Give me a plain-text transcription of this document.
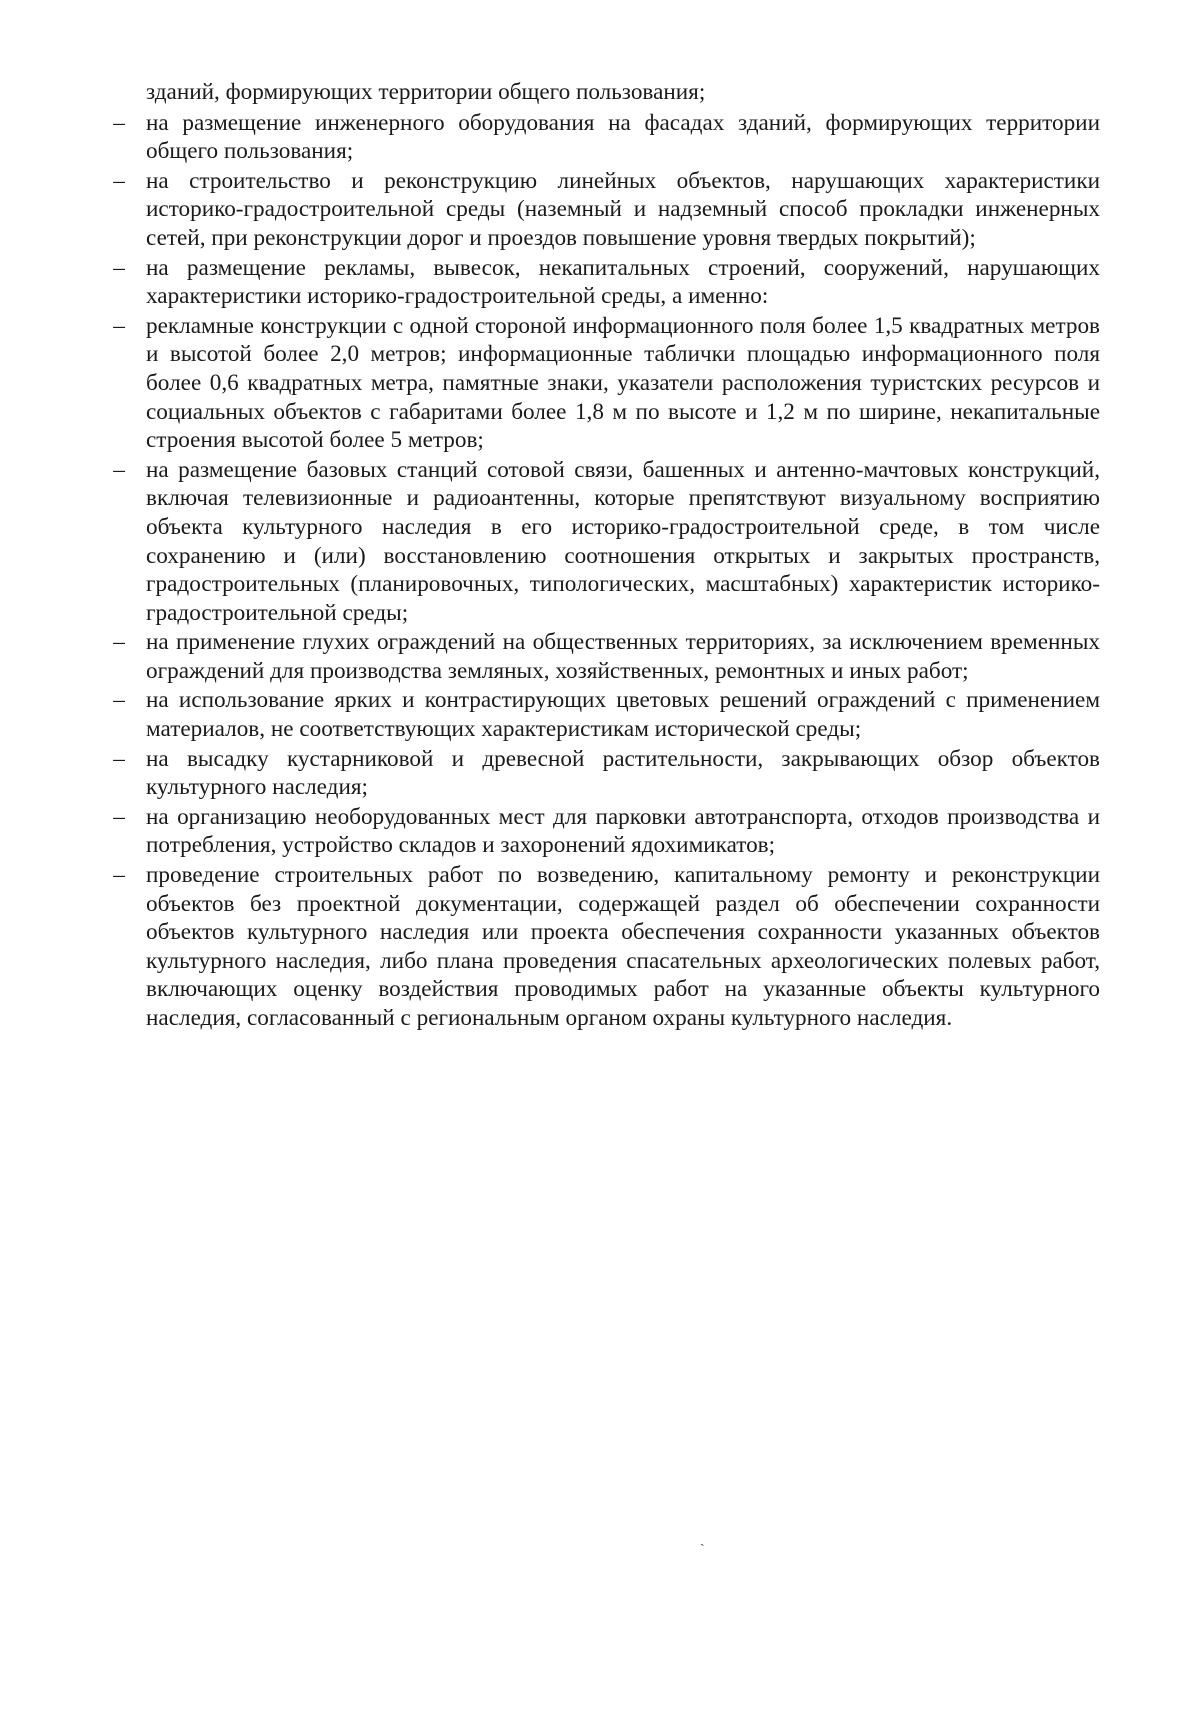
зданий, формирующих территории общего пользования;

– на размещение инженерного оборудования на фасадах зданий, формирующих территории общего пользования;
– на строительство и реконструкцию линейных объектов, нарушающих характеристики историко-градостроительной среды (наземный и надземный способ прокладки инженерных сетей, при реконструкции дорог и проездов повышение уровня твердых покрытий);
– на размещение рекламы, вывесок, некапитальных строений, сооружений, нарушающих характеристики историко-градостроительной среды, а именно:
– рекламные конструкции с одной стороной информационного поля более 1,5 квадратных метров и высотой более 2,0 метров; информационные таблички площадью информационного поля более 0,6 квадратных метра, памятные знаки, указатели расположения туристских ресурсов и социальных объектов с габаритами более 1,8 м по высоте и 1,2 м по ширине, некапитальные строения высотой более 5 метров;
– на размещение базовых станций сотовой связи, башенных и антенно-мачтовых конструкций, включая телевизионные и радиоантенны, которые препятствуют визуальному восприятию объекта культурного наследия в его историко-градостроительной среде, в том числе сохранению и (или) восстановлению соотношения открытых и закрытых пространств, градостроительных (планировочных, типологических, масштабных) характеристик историко-градостроительной среды;
– на применение глухих ограждений на общественных территориях, за исключением временных ограждений для производства земляных, хозяйственных, ремонтных и иных работ;
– на использование ярких и контрастирующих цветовых решений ограждений с применением материалов, не соответствующих характеристикам исторической среды;
– на высадку кустарниковой и древесной растительности, закрывающих обзор объектов культурного наследия;
– на организацию необорудованных мест для парковки автотранспорта, отходов производства и потребления, устройство складов и захоронений ядохимикатов;
– проведение строительных работ по возведению, капитальному ремонту и реконструкции объектов без проектной документации, содержащей раздел об обеспечении сохранности объектов культурного наследия или проекта обеспечения сохранности указанных объектов культурного наследия, либо плана проведения спасательных археологических полевых работ, включающих оценку воздействия проводимых работ на указанные объекты культурного наследия, согласованный с региональным органом охраны культурного наследия.
ˏ
